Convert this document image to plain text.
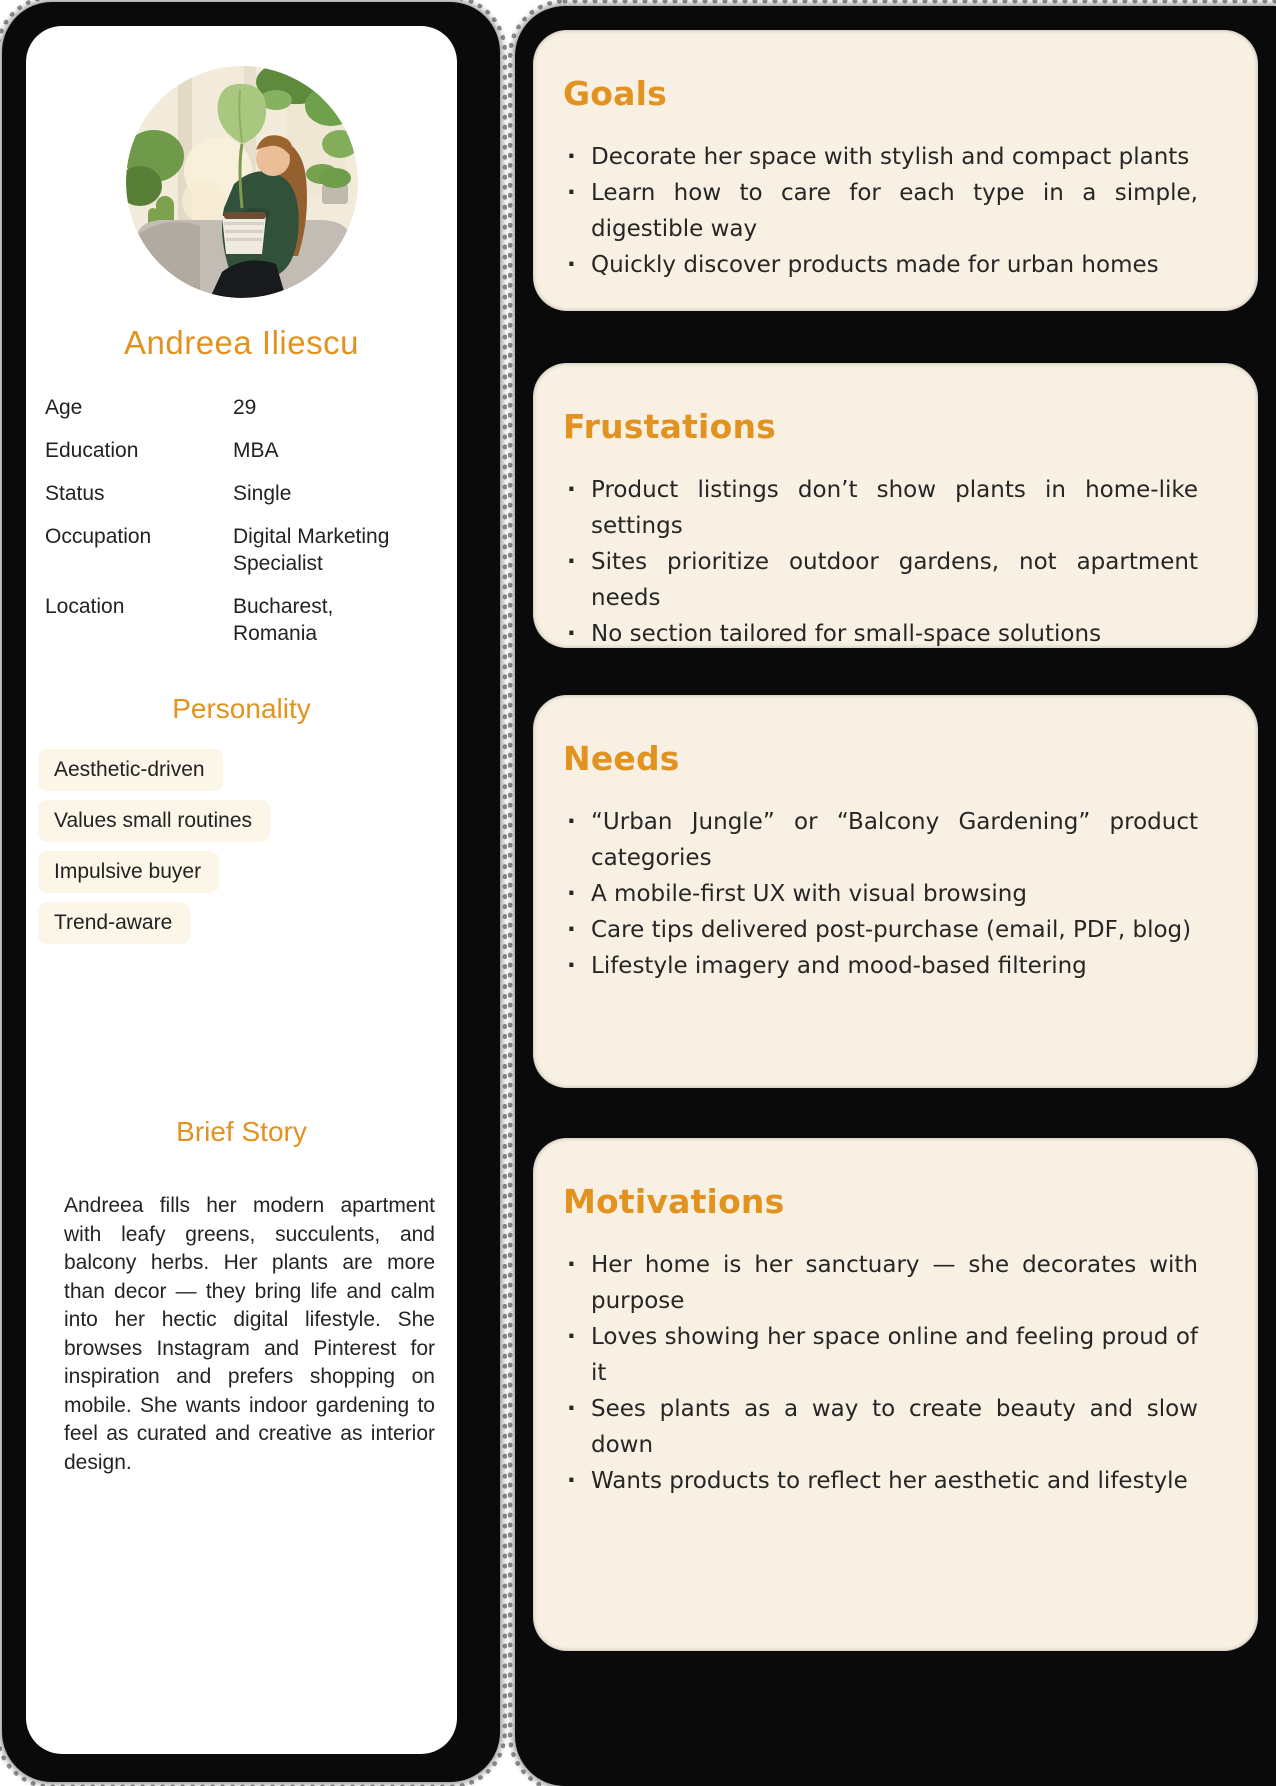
Andreea Iliescu
Age	29
Education	MBA
Status	Single
Occupation	Digital Marketing Specialist
Location	Bucharest, Romania
Personality
Aesthetic-driven
Values small routines
Impulsive buyer
Trend-aware
Brief Story

Andreea fills her modern apartment with leafy greens, succulents, and balcony herbs. Her plants are more than decor — they bring life and calm into her hectic digital lifestyle. She browses Instagram and Pinterest for inspiration and prefers shopping on mobile. She wants indoor gardening to feel as curated and creative as interior design.

Goals
· Decorate her space with stylish and compact plants
· Learn how to care for each type in a simple, digestible way
· Quickly discover products made for urban homes
Frustations
· Product listings don’t show plants in home-like settings
· Sites prioritize outdoor gardens, not apartment needs
· No section tailored for small-space solutions
Needs
· “Urban Jungle” or “Balcony Gardening” product categories
· A mobile-first UX with visual browsing
· Care tips delivered post-purchase (email, PDF, blog)
· Lifestyle imagery and mood-based filtering
Motivations
· Her home is her sanctuary — she decorates with purpose
· Loves showing her space online and feeling proud of it
· Sees plants as a way to create beauty and slow down
· Wants products to reflect her aesthetic and lifestyle
